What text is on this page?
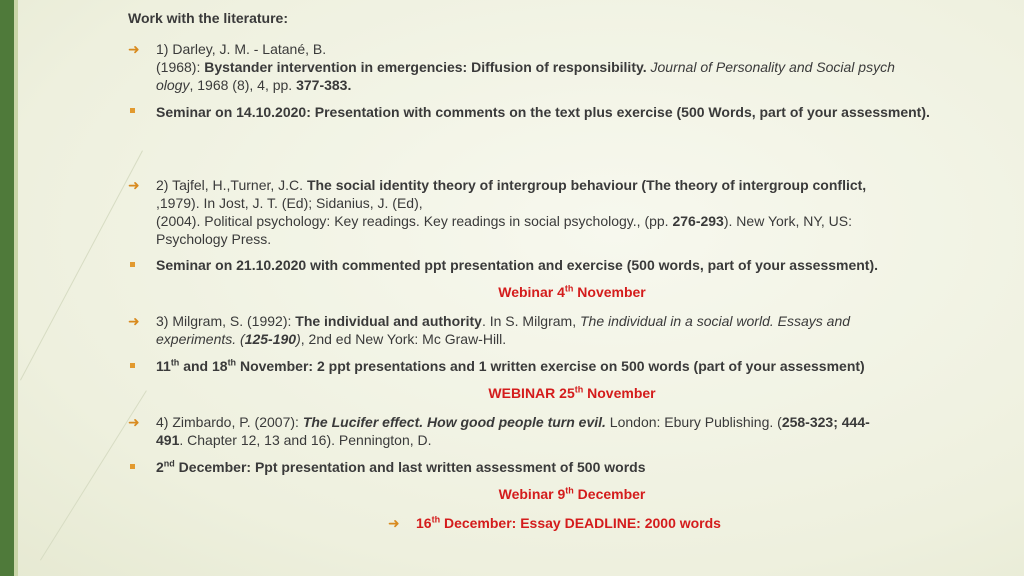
Work with the literature:
➜ 1) Darley, J. M. - Latané, B.
(1968): Bystander intervention in emergencies: Diffusion of responsibility. Journal of Personality and Social psych
ology, 1968 (8), 4, pp. 377-383.
Seminar on 14.10.2020: Presentation with comments on the text plus exercise (500 Words, part of your assessment).
➜ 2) Tajfel, H.,Turner, J.C. The social identity theory of intergroup behaviour (The theory of intergroup conflict,
,1979). In Jost, J. T. (Ed); Sidanius, J. (Ed),
(2004). Political psychology: Key readings. Key readings in social psychology., (pp. 276-293). New York, NY, US:
Psychology Press.
Seminar on 21.10.2020 with commented ppt presentation and exercise (500 words, part of your assessment).
Webinar 4th November
➜ 3) Milgram, S. (1992): The individual and authority. In S. Milgram, The individual in a social world. Essays and
experiments. (125-190), 2nd ed New York: Mc Graw-Hill.
11th and 18th November: 2 ppt presentations and 1 written exercise on 500 words (part of your assessment)
WEBINAR 25th November
➜ 4) Zimbardo, P. (2007): The Lucifer effect. How good people turn evil. London: Ebury Publishing. (258-323; 444-
491. Chapter 12, 13 and 16). Pennington, D.
2nd December: Ppt presentation and last written assessment of 500 words
Webinar 9th December
➜ 16th December: Essay DEADLINE: 2000 words
